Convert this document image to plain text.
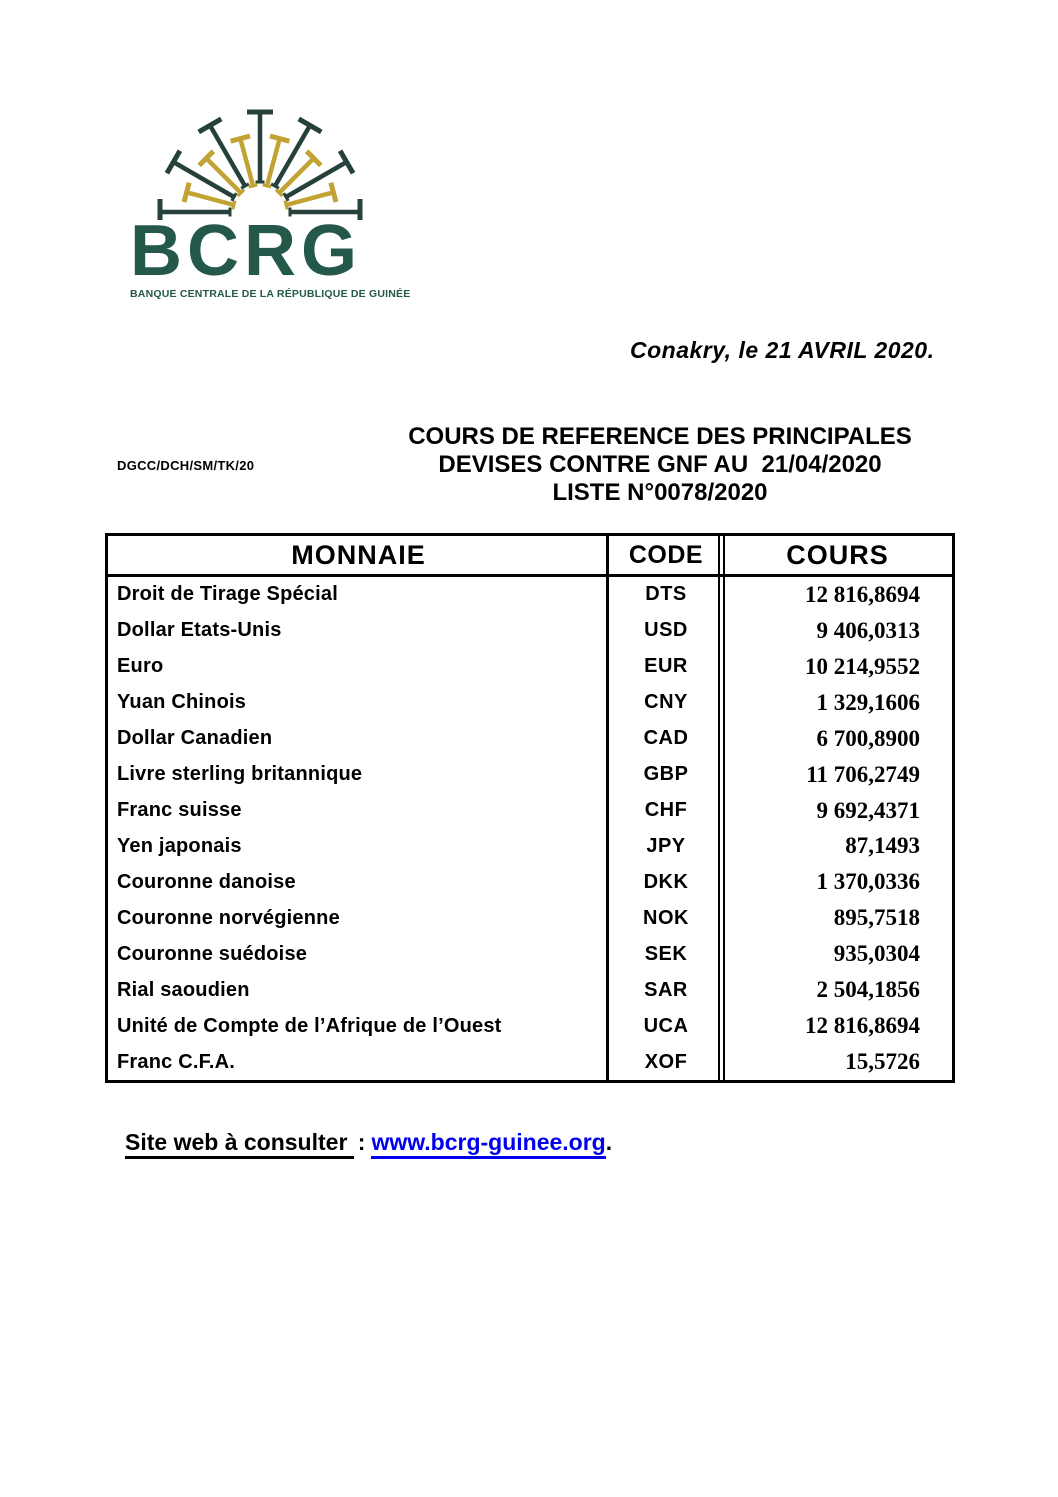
BCRG
BANQUE CENTRALE DE LA RÉPUBLIQUE DE GUINÉE
Conakry, le 21 AVRIL 2020.
DGCC/DCH/SM/TK/20
COURS DE REFERENCE DES PRINCIPALES
DEVISES CONTRE GNF AU  21/04/2020
LISTE N°0078/2020
MONNAIE	CODE	COURS
Droit de Tirage Spécial	DTS	12 816,8694
Dollar Etats-Unis	USD	9 406,0313
Euro	EUR	10 214,9552
Yuan Chinois	CNY	1 329,1606
Dollar Canadien	CAD	6 700,8900
Livre sterling britannique	GBP	11 706,2749
Franc suisse	CHF	9 692,4371
Yen japonais	JPY	87,1493
Couronne danoise	DKK	1 370,0336
Couronne norvégienne	NOK	895,7518
Couronne suédoise	SEK	935,0304
Rial saoudien	SAR	2 504,1856
Unité de Compte de l’Afrique de l’Ouest	UCA	12 816,8694
Franc C.F.A.	XOF	15,5726
Site web à consulter : www.bcrg-guinee.org.
